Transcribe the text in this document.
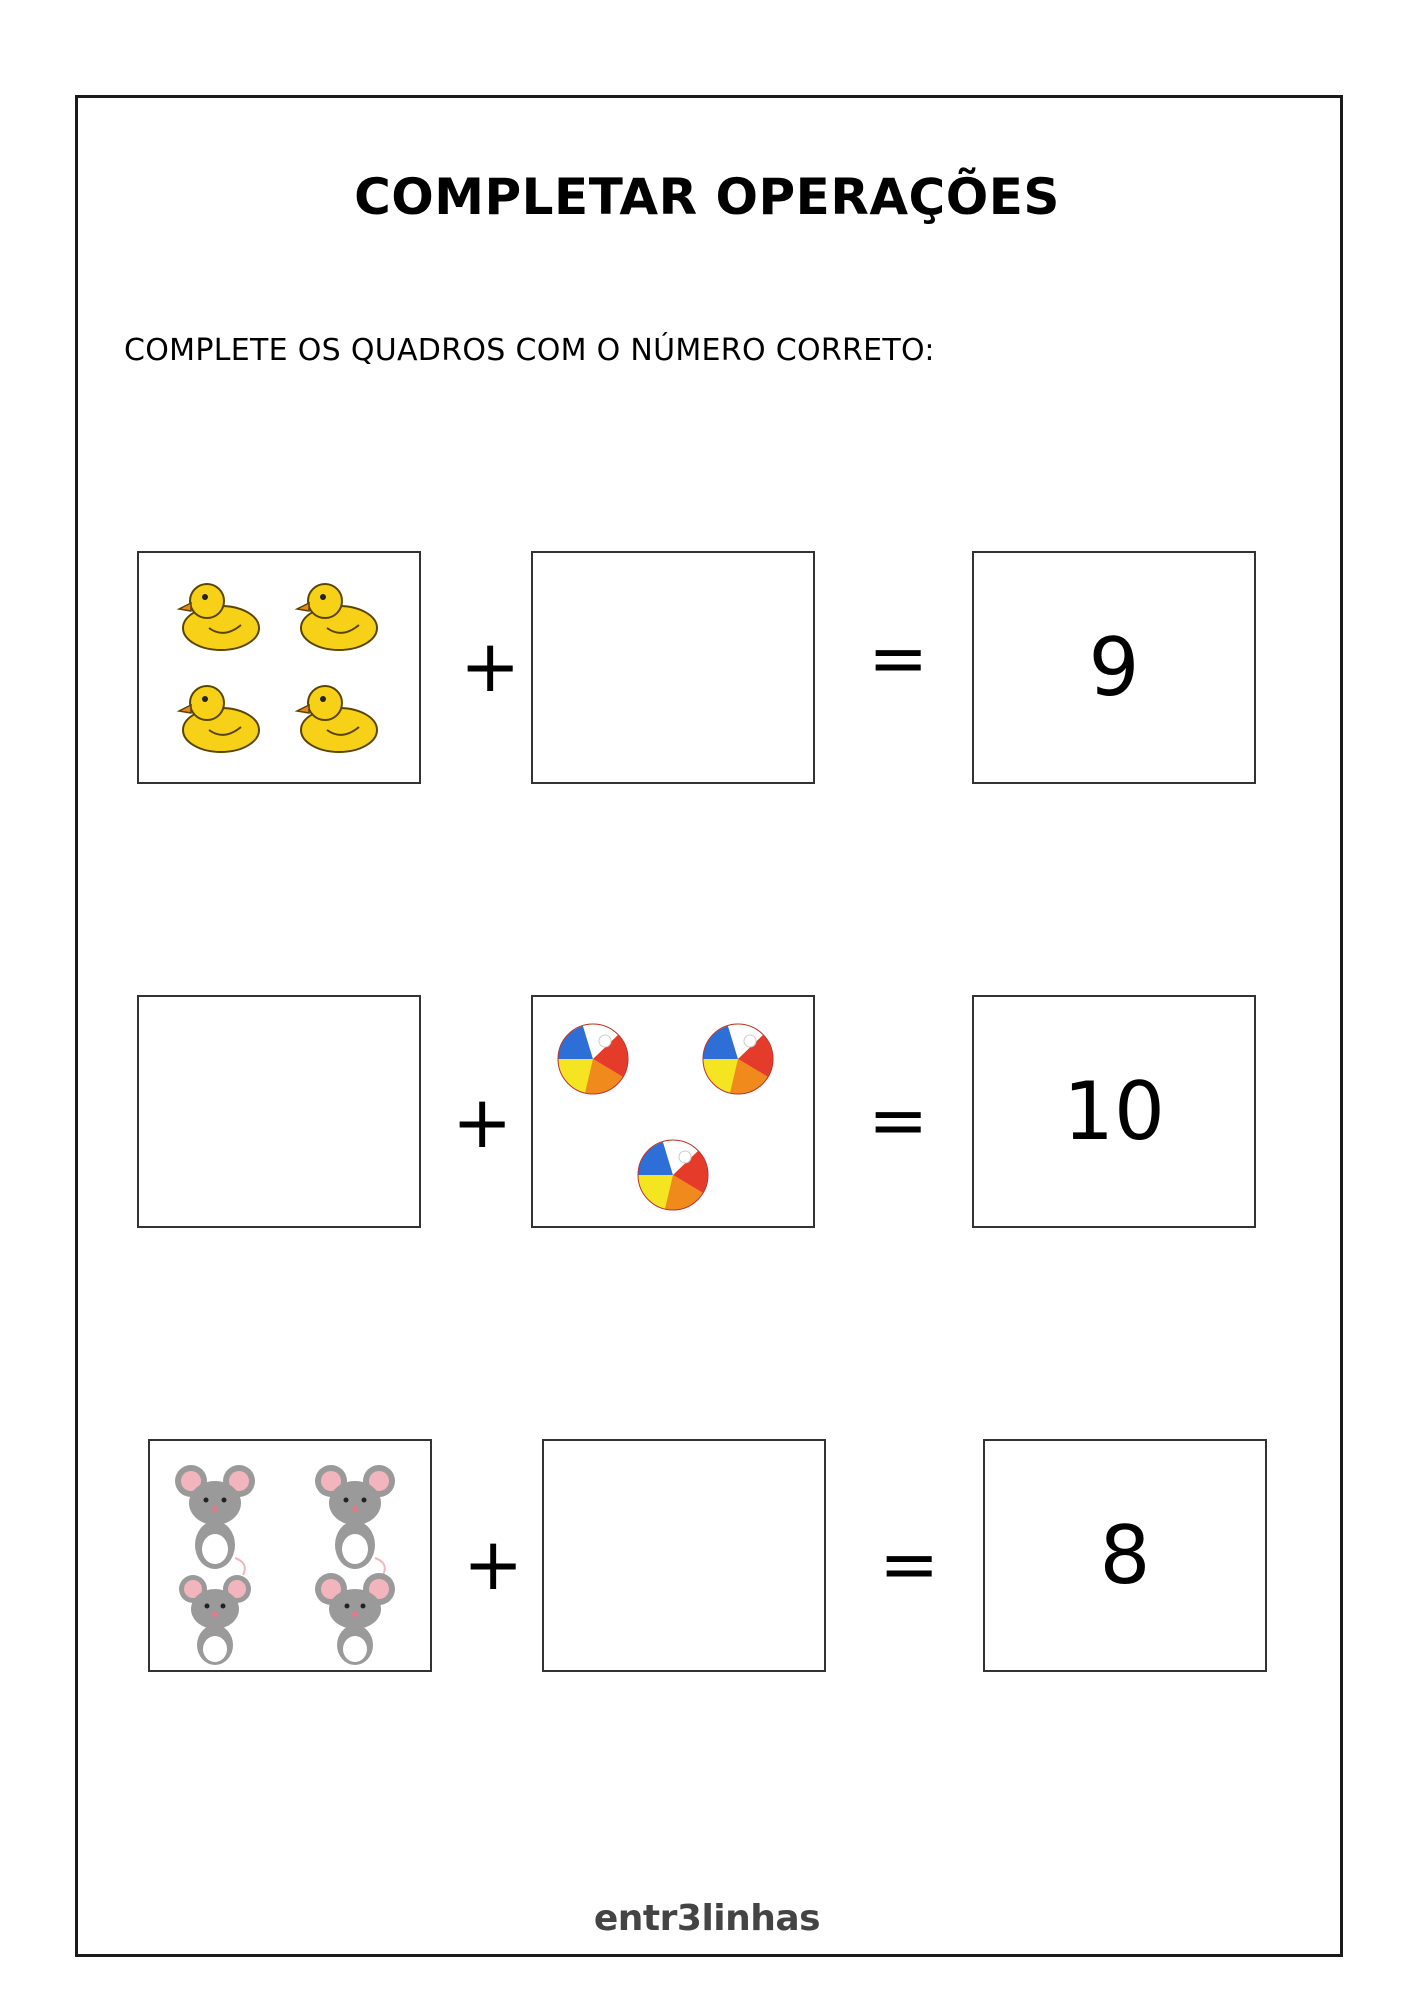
COMPLETAR OPERAÇÕES
COMPLETE OS QUADROS COM O NÚMERO CORRETO:
+	=	9
+	=	10
+	=	8
entr3linhas
